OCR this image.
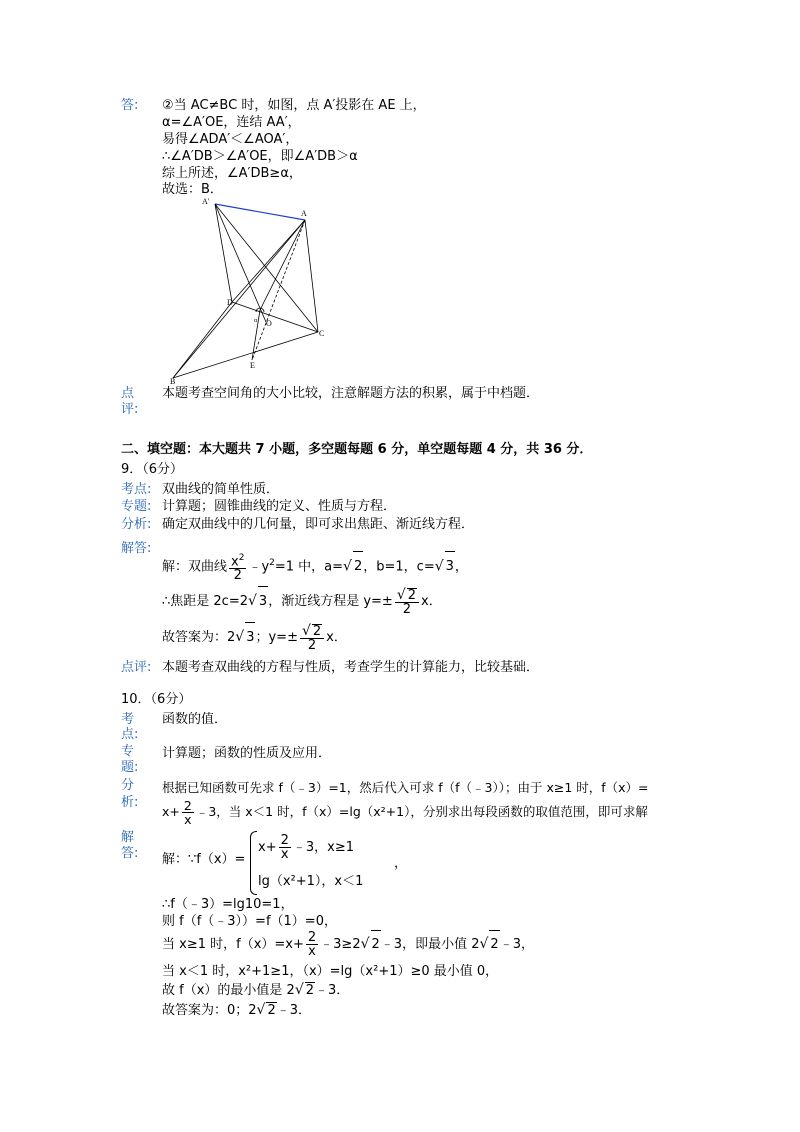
答: ②当 AC≠BC 时，如图，点 A′投影在 AE 上，
α=∠A′OE，连结 AA′，
易得∠ADA′＜∠AOA′，
∴∠A′DB＞∠A′OE，即∠A′DB＞α
综上所述，∠A′DB≥α，
故选：B．
A′
A
D
O
α
C
E
B
点
评:
本题考查空间角的大小比较，注意解题方法的积累，属于中档题．
二、填空题：本大题共 7 小题，多空题每题 6 分，单空题每题 4 分，共 36 分．
9．（6分）
考点: 双曲线的简单性质．
专题: 计算题；圆锥曲线的定义、性质与方程．
分析: 确定双曲线中的几何量，即可求出焦距、渐近线方程．
解答:
解：双曲线 $\frac{x^2}{2}$ $﹣y^2=1$ 中，a=√ 2，b=1，c=√ 3，
∴焦距是 2c=2√ 3，渐近线方程是 $y=\pm \frac{√ 2}{2}$ x．
故答案为：2√ 3；$y=\pm \frac{√ 2}{2}$ x．
点评: 本题考查双曲线的方程与性质，考查学生的计算能力，比较基础．
10．（6分）
考
点:
函数的值．
专
题:
计算题；函数的性质及应用．
分
析:
根据已知函数可先求 f（﹣3）=1，然后代入可求 f（f（﹣3））；由于 x≥1 时，f（x）=
$x+ \frac{2}{x}$ ﹣3，当 x＜1 时，f（x）=lg（x²+1），分别求出每段函数的取值范围，即可求解
解
答: 解：∵f（x）=
$x+ \frac{2}{x}$ ﹣3，x≥1
lg（x²+1），x＜1
，
∴f（﹣3）=lg10=1，
则 f（f（﹣3））=f（1）=0，
当 x≥1 时，$f(x)=x+ \frac{2}{x}$ ﹣3≥2√ 2﹣3，即最小值 2√ 2﹣3，
当 x＜1 时，x²+1≥1，（x）=lg（x²+1）≥0 最小值 0，
故 f（x）的最小值是 2√ 2﹣3．
故答案为：0；2√ 2﹣3．
